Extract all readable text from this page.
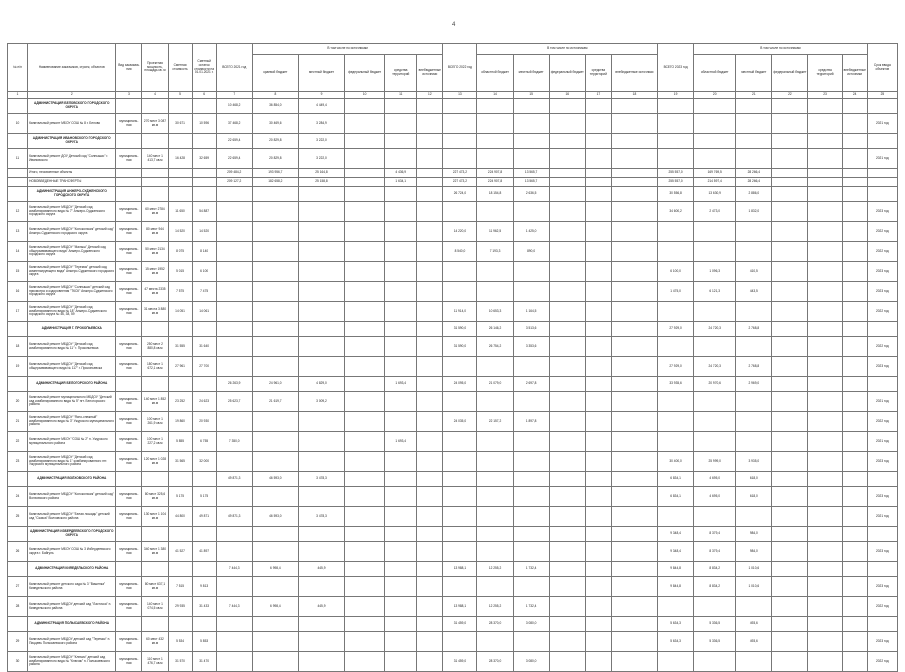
4
№ п/п	Наименование заказчиков, строек, объектов	Вид заказыва- ния	Проектная мощность, площадь кв. м	Сметная стоимость	Сметный остаток стоимости на 01.01.2021 г.	ВСЕГО 2021 год	В том числе по источникам					ВСЕГО 2022 год	В том числе по источникам					ВСЕГО 2023 год	В том числе по источникам					Срок ввода объектов
							краевой бюджет	местный бюджет	федеральный бюджет	средства территорий	внебюджетные источники		областной бюджет	местный бюджет	федеральный бюджет	средства территорий	внебюджетные источники		областной бюджет	местный бюджет	федеральный бюджет	средства территорий	внебюджетные источники	
1	2	3	4	5	6	7	8	9	10	11	12	13	14	15	16	17	18	19	20	21	22	23	24	25
	АДМИНИСТРАЦИЯ БЕЛОВСКОГО ГОРОДСКОГО ОКРУГА					10 468,2	36 854,0	4 449,4																
10	Капитальный ремонт МБОУ СОШ № 8 г. Белово	муниципаль- ная	270 мест 3 087 кв.м	30 671	10 596	37 468,2	30 469,6	3 284,9																2021 год
	АДМИНИСТРАЦИЯ ИВАНОВСКОГО ГОРОДСКОГО ОКРУГА					22 659,4	20 829,8	3 222,0																
11	Капитальный ремонт ДОУ Детский сад "Солнышко" г. Ивановского	муниципаль- ная	140 мест 1 413,7 кв.м	16 428	32 659	22 659,4	20 829,8	3 222,0																2021 год
	Итого, неосвоенные объекты					209 484,2	193 956,7	25 164,8		4 436,9		227 473,2	224 907,8	13 565,7				255 557,0	169 769,5	28 266,4				
	НОВОВВЕДЕННЫЕ ТРАНСФЕРТЫ					209 127,2	182 658,2	25 158,8		1 634,1		227 473,2	224 907,8	13 565,7				255 557,0	214 597,4	28 266,4				
	АДМИНИСТРАЦИЯ АНЖЕРО-СУДЖЕНСКОГО ГОРОДСКОГО ОКРУГА											26 724,0	18 154,8	2 636,5				30 556,8	13 630,9	2 886,0				
12	Капитальный ремонт МБДОУ "Детский сад комбинированного вида № 7" Анжеро-Судженского городского округа	муниципаль- ная	60 мест 2784 кв.м	11 650	54 887													34 600,2	2 473,0	1 832,0				2023 год
13	Капитальный ремонт МБДОУ "Колокольчик" детский сад" Анжеро-Судженского городского округа	муниципаль- ная	80 мест 944 кв.м	14 520	14 520							14 220,0	11 962,5	1 425,0										2022 год
14	Капитальный ремонт МБДОУ "Малыш" Детский сад общеразвивающего вида" Анжеро-Судженского городского округа	муниципаль- ная	50 мест 2134 кв.м	8 075	8 140							8 540,0	7 193,3	890,0										2022 год
15	Капитальный ремонт МБДОУ "Теремок" детский сад компенсирующего вида" Анжеро-Судженского городского округа	муниципаль- ная	15 мест 1952 кв.м	5 015	6 100													6 100,0	1 096,3	410,5				2023 год
16	Капитальный ремонт МБДОУ "Солнышко" детский сад присмотра и оздоровления "ТКСК" Анжеро-Судженского городского округа	муниципаль- ная	47 места 2335 кв.м	7 575	7 475													1 475,0	6 121,3	443,5				2023 год
17	Капитальный ремонт МБДОУ "Детский сад комбинированного вида № 18" Анжеро-Судженского городского округа № 46, 38, 59	муниципаль- ная	31 места 3 880 кв.м	14 051	14 061							11 914,0	10 653,3	1 164,5										2022 год
	АДМИНИСТРАЦИЯ Г. ПРОКОПЬЕВСКА											31 590,0	26 146,2	3 513,6				27 929,0	24 720,3	2 768,8				
18	Капитальный ремонт МБДОУ "Детский сад комбинированного вида № 11" г. Прокопьевска	муниципаль- ная	250 мест 2 880,8 кв.м	31 555	31 640							31 590,0	26 754,2	3 353,6										2022 год
19	Капитальный ремонт МБДОУ "Детский сад общеразвивающего вида № 117" г. Прокопьевска	муниципаль- ная	180 мест 1 672,1 кв.м	27 961	27 700													27 929,0	24 720,3	2 768,8				2023 год
	АДМИНИСТРАЦИЯ БЕЛОГОРСКОГО РАЙОНА					26 263,9	24 961,0	4 829,0		1 693,4		24 095,0	21 079,0	2 697,8				33 935,6	20 970,6	2 969,0				
20	Капитальный ремонт муниципального МБДОУ "Детский сад комбинированного вида № 5" пгт. Белогорского района	муниципаль- ная	140 мест 1 852 кв.м	23 252	24 623	25 623,7	21 619,7	3 009,2																2021 год
21	Капитальный ремонт МБДОУ "Ясно-снежный" комбинированного вида № 3" Ужурского муниципального района	муниципаль- ная	100 мест 1 261,9 кв.м	19 860	20 930							24 035,0	22 157,2	1 897,8										2022 год
22	Капитальный ремонт МБОУ "СОШ № 2" п. Ужурского муниципального района	муниципаль- ная	100 мест 1 227,2 кв.м	5 855	6 755	7 350,0				1 693,4														2021 год
23	Капитальный ремонт МБДОУ "Детский сад комбинированного вида № 1" комбинированного пгт. Ужурского муниципального района	муниципаль- ная	120 мест 1 028 кв.м	31 565	32 000													30 400,0	25 999,0	3 935,0				2023 год
	АДМИНИСТРАЦИЯ ВОЛХОВСКОГО РАЙОНА					49 871,3	46 593,0	3 478,3										6 834,1	4 695,0	618,0				
24	Капитальный ремонт МБДОУ "Колокольчик" детский сад" Волховского района	муниципаль- ная	80 мест 325,6 кв.м	5 175	5 175													6 834,1	4 695,0	618,0				2023 год
25	Капитальный ремонт МБДОУ "Белая лошадь" детский сад "Сказка" Волховского района	муниципаль- ная	130 мест 1 104 кв.м	44 800	49 871	49 871,3	46 593,0	3 478,3																2021 год
	АДМИНИСТРАЦИЯ ИЗБЕРДЕЕВСКОГО ГОРОДСКОГО ОКРУГА																	9 348,4	8 379,4	984,0				
26	Капитальный ремонт МБОУ СОШ № 3 Избердеевского округа г. Байгуль	муниципаль- ная	340 мест 1 380 кв.м	41 527	41 897													9 348,4	8 379,4	984,0				2023 год
	АДМИНИСТРАЦИЯ КИЯЕДЕЛЬСКОГО РАЙОНА					7 444,3	6 998,4	445,9				13 988,1	12 255,2	1 732,4				9 844,8	8 834,2	1 010,6				
27	Капитальный ремонт детского сада № 3 "Вишенка" Кияедельского района	муниципаль- ная	80 мест 637,1 кв.м	7 515	9 813													9 844,8	8 834,2	1 010,6				2023 год
28	Капитальный ремонт МБДОУ детский сад "Ласточка" п. Кияедельского района	муниципаль- ная	140 мест 1 074,5 кв.м	29 935	31 433	7 444,3	6 998,4	445,9				13 988,1	12 255,2	1 732,4										2022 год
	АДМИНИСТРАЦИЯ ПОЛЫСАЕВСКОГО РАЙОНА											31 459,0	28 370,0	3 080,0				5 634,3	5 336,5	493,6				
29	Капитальный ремонт МБДОУ детский сад "Теремок" п. Пиццевь Полысаевского района	муниципаль- ная	60 мест 432 кв.м	5 534	5 853													5 634,3	5 336,5	493,6				2023 год
30	Капитальный ремонт МБДОУ "Ключик" детский сад комбинированного вида № "Ключик" п. Полысаевского района	муниципаль- ная	110 мест 1 476,7 кв.м	31 570	31 470							31 459,0	28 370,0	3 080,0										2022 год
